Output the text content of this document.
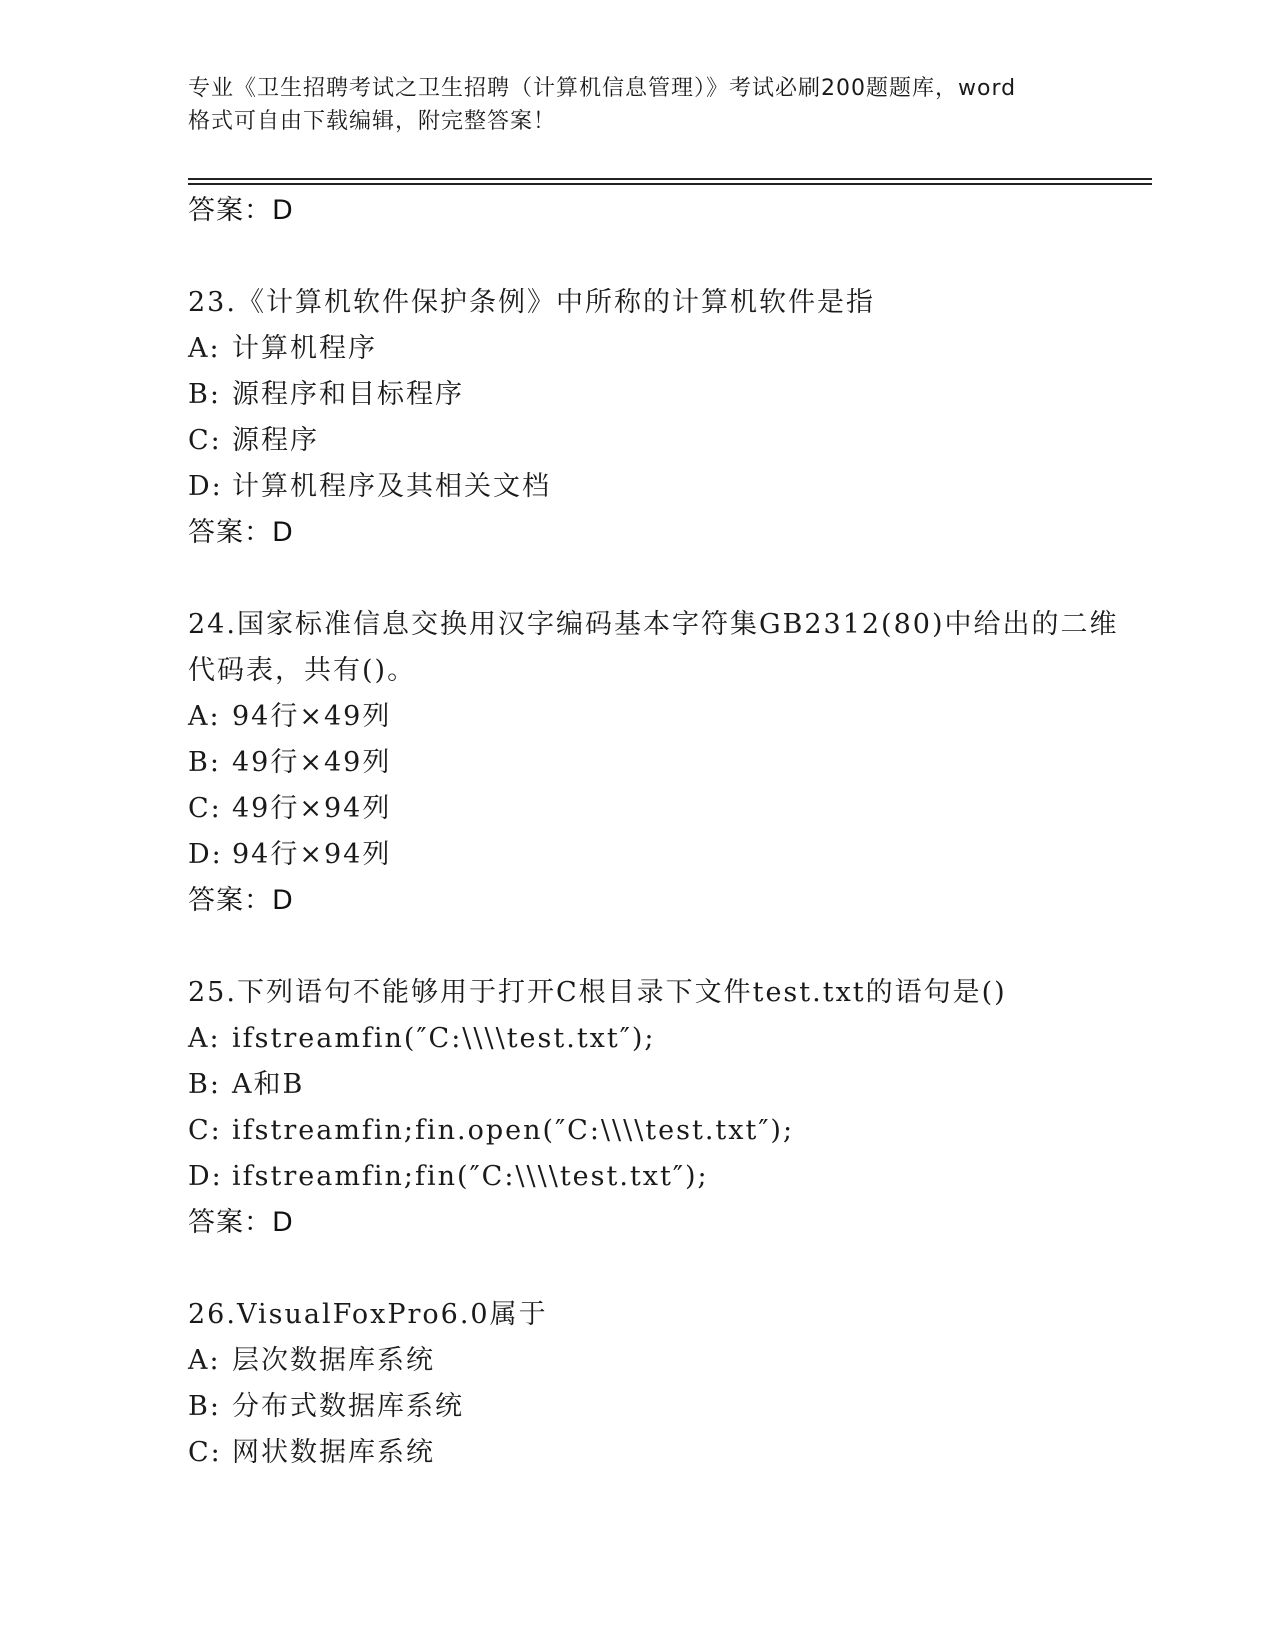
专业《卫生招聘考试之卫生招聘（计算机信息管理）》考试必刷200题题库，word
格式可自由下载编辑，附完整答案！
答案：D
23.《计算机软件保护条例》中所称的计算机软件是指
A: 计算机程序
B: 源程序和目标程序
C: 源程序
D: 计算机程序及其相关文档
答案：D
24.国家标准信息交换用汉字编码基本字符集GB2312(80)中给出的二维
代码表，共有()。
A: 94行×49列
B: 49行×49列
C: 49行×94列
D: 94行×94列
答案：D
25.下列语句不能够用于打开C根目录下文件test.txt的语句是()
A: ifstreamfin(″C:\\\\test.txt″);
B: A和B
C: ifstreamfin;fin.open(″C:\\\\test.txt″);
D: ifstreamfin;fin(″C:\\\\test.txt″);
答案：D
26.VisualFoxPro6.0属于
A: 层次数据库系统
B: 分布式数据库系统
C: 网状数据库系统
